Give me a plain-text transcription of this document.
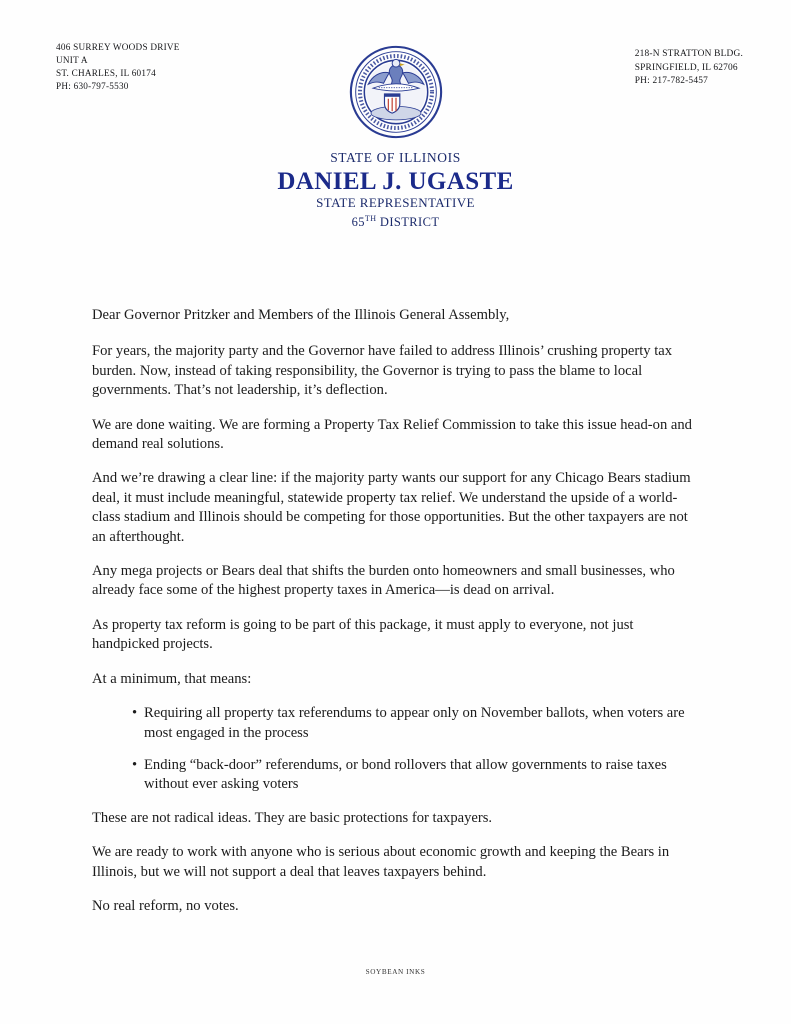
406 SURREY WOODS DRIVE
UNIT A
ST. CHARLES, IL 60174
PH: 630-797-5530
218-N STRATTON BLDG.
SPRINGFIELD, IL 62706
PH: 217-782-5457
STATE OF ILLINOIS
DANIEL J. UGASTE
STATE REPRESENTATIVE
65TH DISTRICT

Dear Governor Pritzker and Members of the Illinois General Assembly,

For years, the majority party and the Governor have failed to address Illinois’ crushing property tax burden. Now, instead of taking responsibility, the Governor is trying to pass the blame to local governments. That’s not leadership, it’s deflection.

We are done waiting. We are forming a Property Tax Relief Commission to take this issue head-on and demand real solutions.

And we’re drawing a clear line: if the majority party wants our support for any Chicago Bears stadium deal, it must include meaningful, statewide property tax relief. We understand the upside of a world-class stadium and Illinois should be competing for those opportunities. But the other taxpayers are not an afterthought.

Any mega projects or Bears deal that shifts the burden onto homeowners and small businesses, who already face some of the highest property taxes in America—is dead on arrival.

As property tax reform is going to be part of this package, it must apply to everyone, not just handpicked projects.

At a minimum, that means:

• Requiring all property tax referendums to appear only on November ballots, when voters are most engaged in the process
• Ending “back-door” referendums, or bond rollovers that allow governments to raise taxes without ever asking voters

These are not radical ideas. They are basic protections for taxpayers.

We are ready to work with anyone who is serious about economic growth and keeping the Bears in Illinois, but we will not support a deal that leaves taxpayers behind.

No real reform, no votes.

SOYBEAN INKS
